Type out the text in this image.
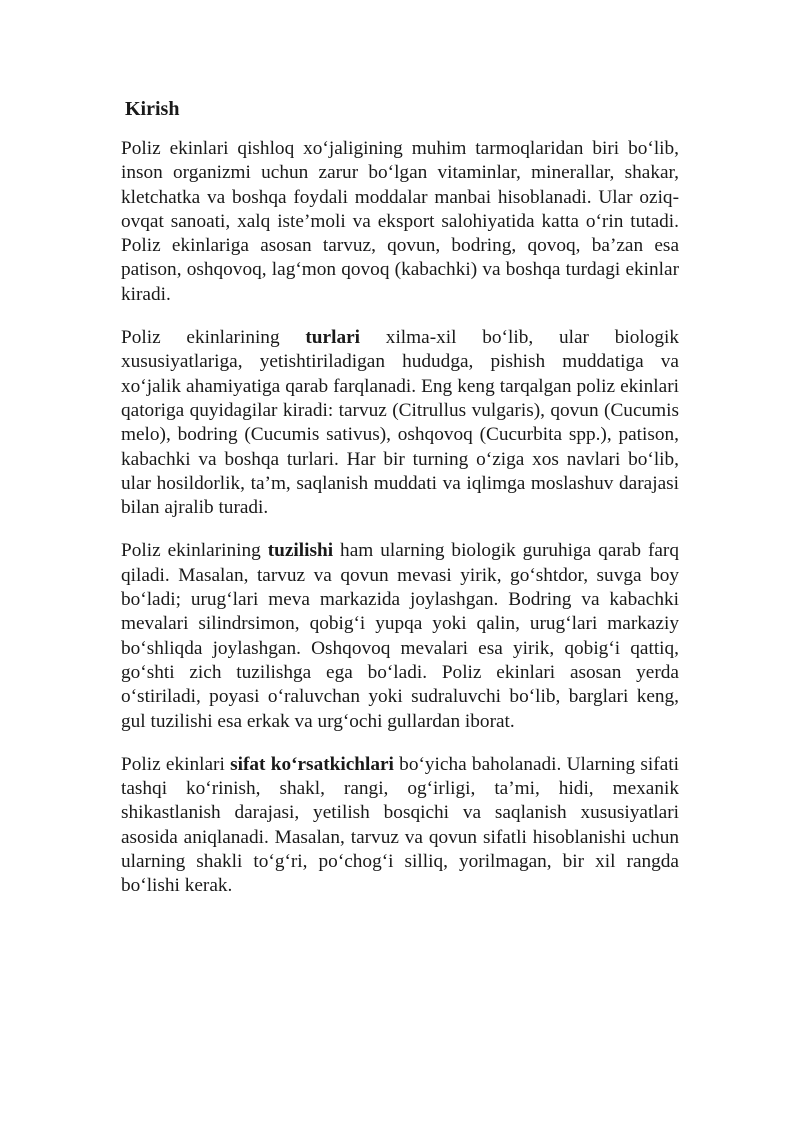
Kirish

Poliz ekinlari qishloq xo‘jaligining muhim tarmoqlaridan biri bo‘lib, inson organizmi uchun zarur bo‘lgan vitaminlar, minerallar, shakar, kletchatka va boshqa foydali moddalar manbai hisoblanadi. Ular oziq-ovqat sanoati, xalq iste’moli va eksport salohiyatida katta o‘rin tutadi. Poliz ekinlariga asosan tarvuz, qovun, bodring, qovoq, ba’zan esa patison, oshqovoq, lag‘mon qovoq (kabachki) va boshqa turdagi ekinlar kiradi.

Poliz ekinlarining turlari xilma-xil bo‘lib, ular biologik xususiyatlariga, yetishtiriladigan hududga, pishish muddatiga va xo‘jalik ahamiyatiga qarab farqlanadi. Eng keng tarqalgan poliz ekinlari qatoriga quyidagilar kiradi: tarvuz (Citrullus vulgaris), qovun (Cucumis melo), bodring (Cucumis sativus), oshqovoq (Cucurbita spp.), patison, kabachki va boshqa turlari. Har bir turning o‘ziga xos navlari bo‘lib, ular hosildorlik, ta’m, saqlanish muddati va iqlimga moslashuv darajasi bilan ajralib turadi.

Poliz ekinlarining tuzilishi ham ularning biologik guruhiga qarab farq qiladi. Masalan, tarvuz va qovun mevasi yirik, go‘shtdor, suvga boy bo‘ladi; urug‘lari meva markazida joylashgan. Bodring va kabachki mevalari silindrsimon, qobig‘i yupqa yoki qalin, urug‘lari markaziy bo‘shliqda joylashgan. Oshqovoq mevalari esa yirik, qobig‘i qattiq, go‘shti zich tuzilishga ega bo‘ladi. Poliz ekinlari asosan yerda o‘stiriladi, poyasi o‘raluvchan yoki sudraluvchi bo‘lib, barglari keng, gul tuzilishi esa erkak va urg‘ochi gullardan iborat.

Poliz ekinlari sifat ko‘rsatkichlari bo‘yicha baholanadi. Ularning sifati tashqi ko‘rinish, shakl, rangi, og‘irligi, ta’mi, hidi, mexanik shikastlanish darajasi, yetilish bosqichi va saqlanish xususiyatlari asosida aniqlanadi. Masalan, tarvuz va qovun sifatli hisoblanishi uchun ularning shakli to‘g‘ri, po‘chog‘i silliq, yorilmagan, bir xil rangda bo‘lishi kerak.
